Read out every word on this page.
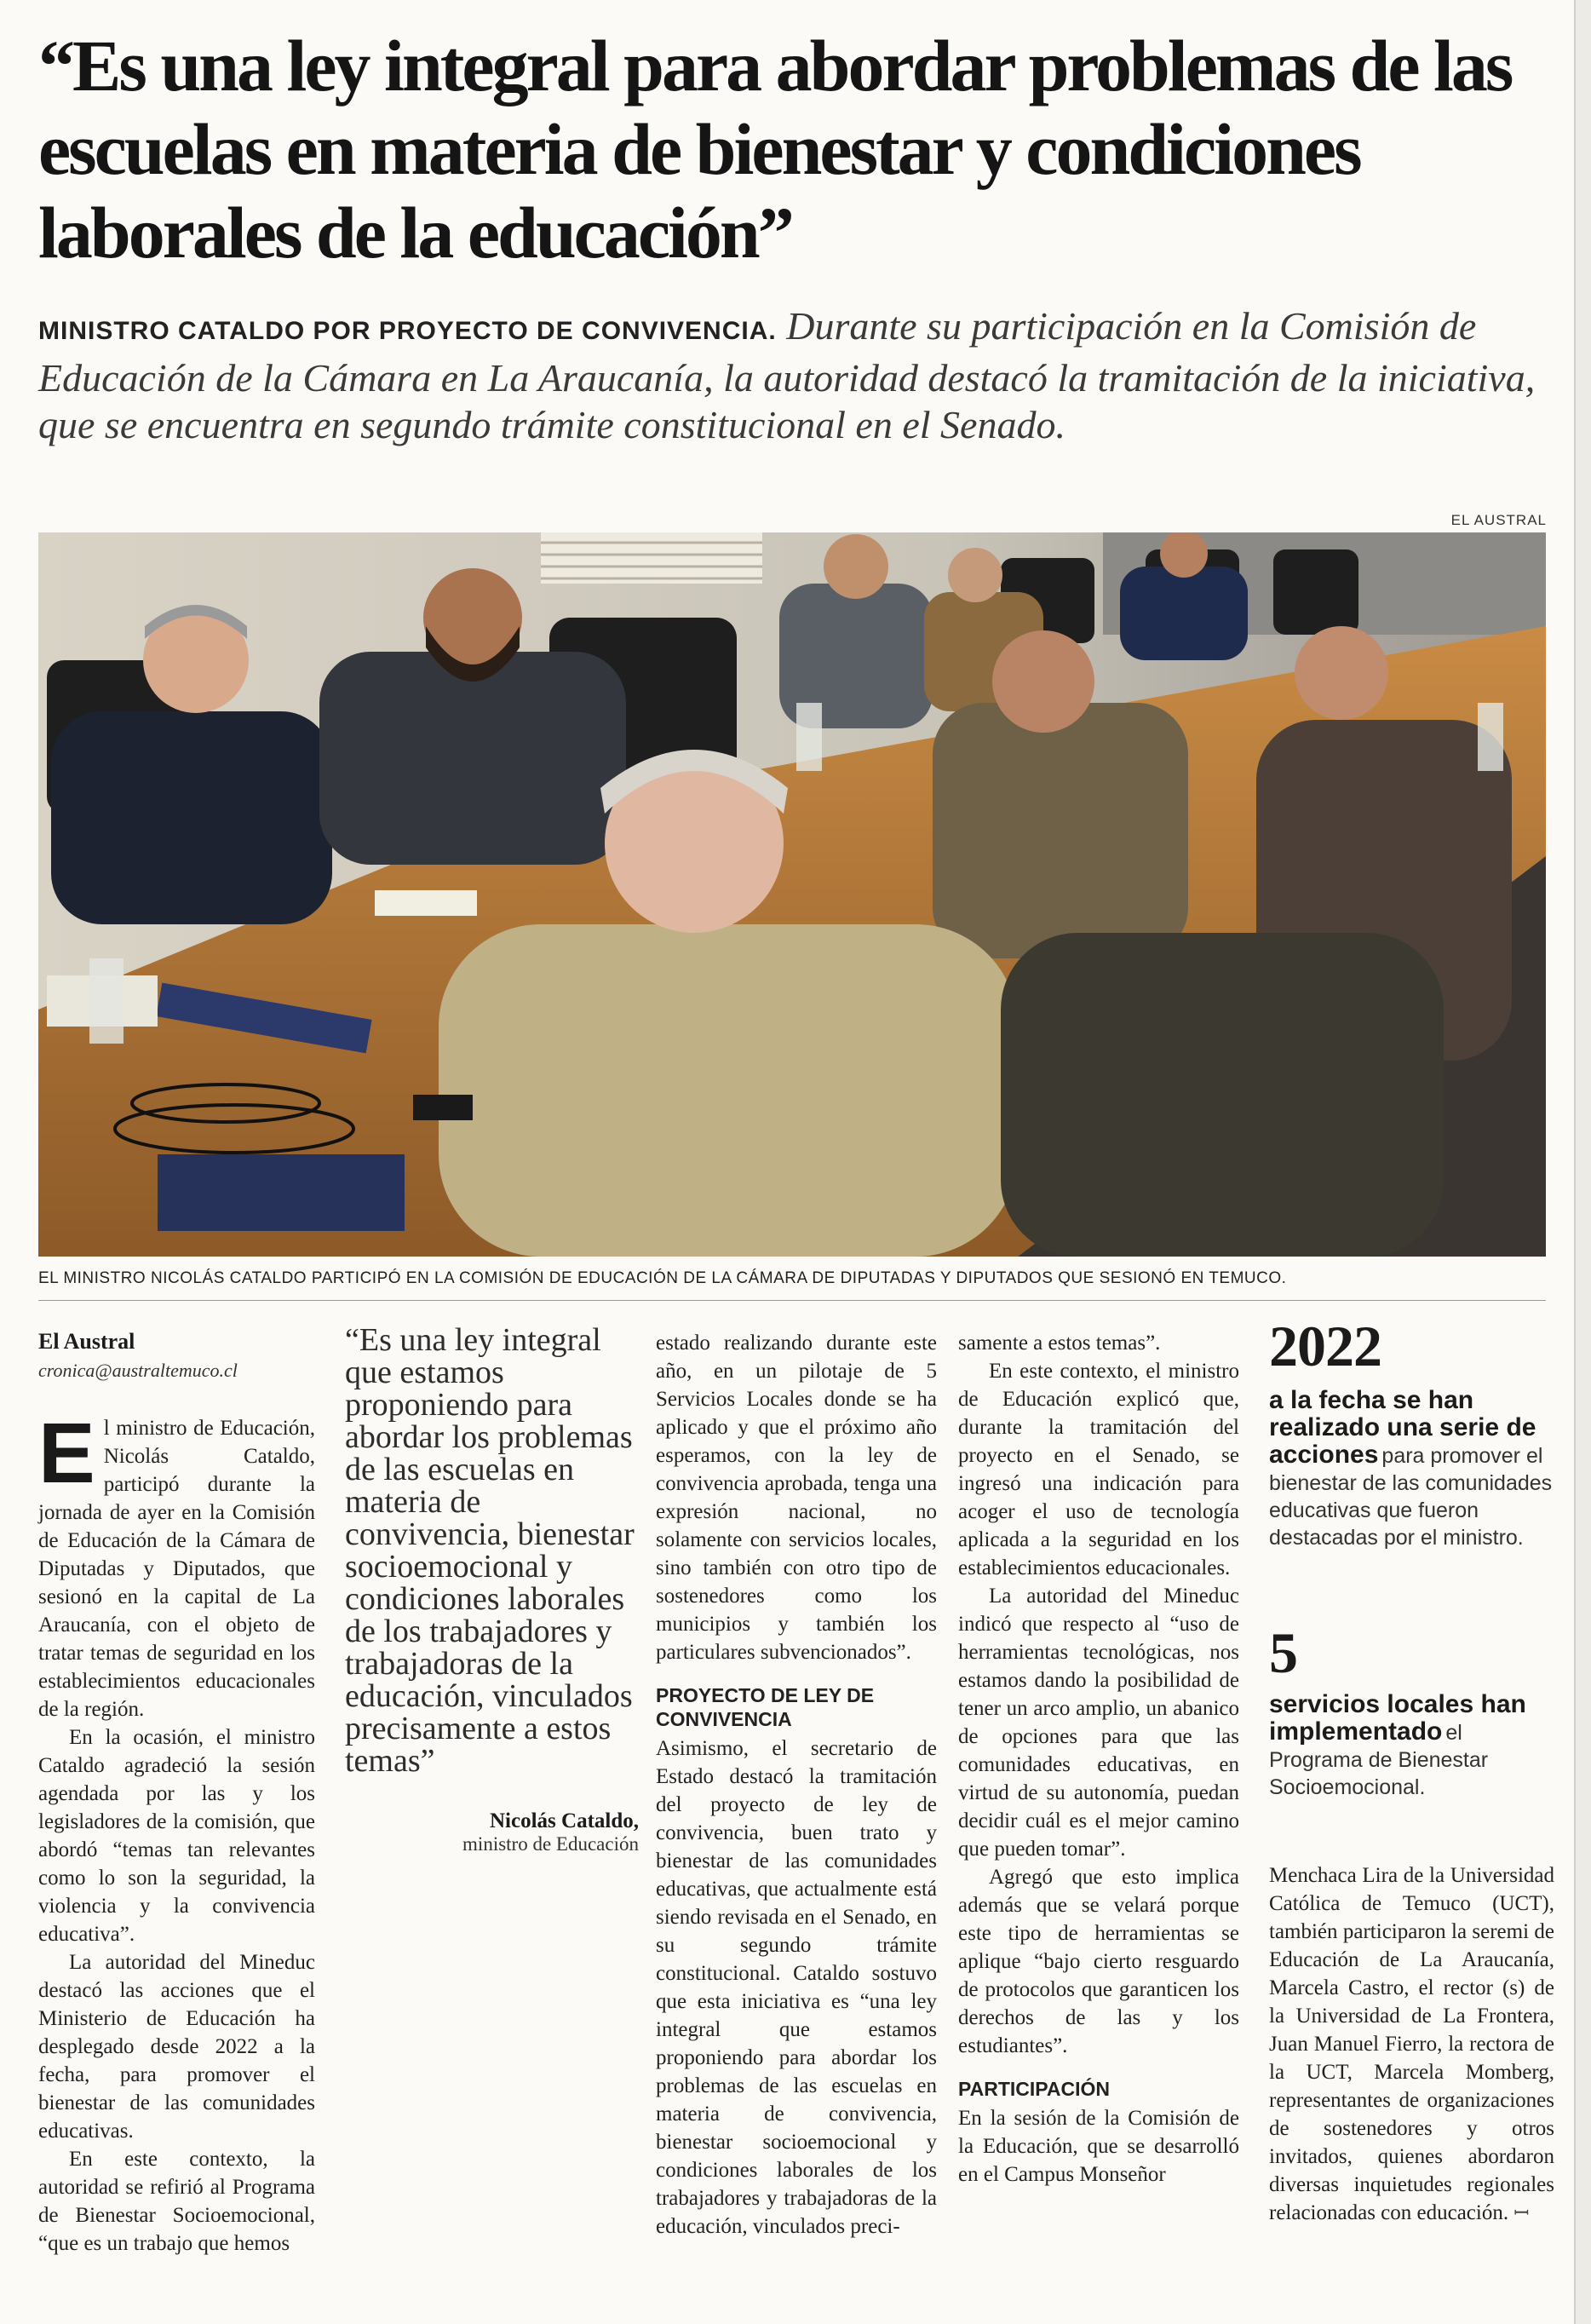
“Es una ley integral para abordar problemas de las escuelas en materia de bienestar y condiciones laborales de la educación”

MINISTRO CATALDO POR PROYECTO DE CONVIVENCIA. Durante su participación en la Comisión de Educación de la Cámara en La Araucanía, la autoridad destacó la tramitación de la iniciativa, que se encuentra en segundo trámite constitucional en el Senado.

EL AUSTRAL
EL MINISTRO NICOLÁS CATALDO PARTICIPÓ EN LA COMISIÓN DE EDUCACIÓN DE LA CÁMARA DE DIPUTADAS Y DIPUTADOS QUE SESIONÓ EN TEMUCO.
El Austral
cronica@australtemuco.cl

El ministro de Educación, Nicolás Cataldo, participó durante la jornada de ayer en la Comisión de Educación de la Cámara de Diputadas y Diputados, que sesionó en la capital de La Araucanía, con el objeto de tratar temas de seguridad en los establecimientos educacionales de la región.

En la ocasión, el ministro Cataldo agradeció la sesión agendada por las y los legisladores de la comisión, que abordó “temas tan relevantes como lo son la seguridad, la violencia y la convivencia educativa”.

La autoridad del Mineduc destacó las acciones que el Ministerio de Educación ha desplegado desde 2022 a la fecha, para promover el bienestar de las comunidades educativas.

En este contexto, la autoridad se refirió al Programa de Bienestar Socioemocional, “que es un trabajo que hemos

“Es una ley integral que estamos proponiendo para abordar los problemas de las escuelas en materia de convivencia, bienestar socioemocional y condiciones laborales de los trabajadores y trabajadoras de la educación, vinculados precisamente a estos temas”

Nicolás Cataldo,
ministro de Educación

estado realizando durante este año, en un pilotaje de 5 Servicios Locales donde se ha aplicado y que el próximo año esperamos, con la ley de convivencia aprobada, tenga una expresión nacional, no solamente con servicios locales, sino también con otro tipo de sostenedores como los municipios y también los particulares subvencionados”.

PROYECTO DE LEY DE CONVIVENCIA

Asimismo, el secretario de Estado destacó la tramitación del proyecto de ley de convivencia, buen trato y bienestar de las comunidades educativas, que actualmente está siendo revisada en el Senado, en su segundo trámite constitucional. Cataldo sostuvo que esta iniciativa es “una ley integral que estamos proponiendo para abordar los problemas de las escuelas en materia de convivencia, bienestar socioemocional y condiciones laborales de los trabajadores y trabajadoras de la educación, vinculados preci-

samente a estos temas”.

En este contexto, el ministro de Educación explicó que, durante la tramitación del proyecto en el Senado, se ingresó una indicación para acoger el uso de tecnología aplicada a la seguridad en los establecimientos educacionales.

La autoridad del Mineduc indicó que respecto al “uso de herramientas tecnológicas, nos estamos dando la posibilidad de tener un arco amplio, un abanico de opciones para que las comunidades educativas, en virtud de su autonomía, puedan decidir cuál es el mejor camino que pueden tomar”.

Agregó que esto implica además que se velará porque este tipo de herramientas se aplique “bajo cierto resguardo de protocolos que garanticen los derechos de las y los estudiantes”.

PARTICIPACIÓN

En la sesión de la Comisión de la Educación, que se desarrolló en el Campus Monseñor

2022
a la fecha se han realizado una serie de acciones para promover el bienestar de las comunidades educativas que fueron destacadas por el ministro.
5
servicios locales han implementado el Programa de Bienestar Socioemocional.

Menchaca Lira de la Universidad Católica de Temuco (UCT), también participaron la seremi de Educación de La Araucanía, Marcela Castro, el rector (s) de la Universidad de La Frontera, Juan Manuel Fierro, la rectora de la UCT, Marcela Momberg, representantes de organizaciones de sostenedores y otros invitados, quienes abordaron diversas inquietudes regionales relacionadas con educación. ꟷ
